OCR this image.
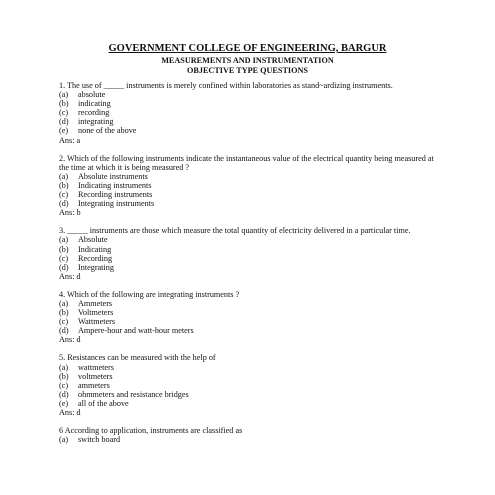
GOVERNMENT COLLEGE OF ENGINEERING, BARGUR
MEASUREMENTS AND INSTRUMENTATION
OBJECTIVE TYPE QUESTIONS
1. The use of _____ instruments is merely confined within laboratories as stand~ardizing instruments.
(a)	absolute
(b)	indicating
(c)	recording
(d)	integrating
(e)	none of the above
Ans: a
2. Which of the following instruments indicate the instantaneous value of the electrical quantity being measured at the time at which it is being measured ?
(a)	Absolute instruments
(b)	Indicating instruments
(c)	Recording instruments
(d)	Integrating instruments
Ans: b
3. _____ instruments are those which measure the total quantity of electricity delivered in a particular time.
(a)	Absolute
(b)	Indicating
(c)	Recording
(d)	Integrating
Ans: d
4. Which of the following are integrating instruments ?
(a)	Ammeters
(b)	Voltmeters
(c)	Wattmeters
(d)	Ampere-hour and watt-hour meters
Ans: d
5. Resistances can be measured with the help of
(a)	wattmeters
(b)	voltmeters
(c)	ammeters
(d)	ohmmeters and resistance bridges
(e)	all of the above
Ans: d
6 According to application, instruments are classified as
(a)	switch board
